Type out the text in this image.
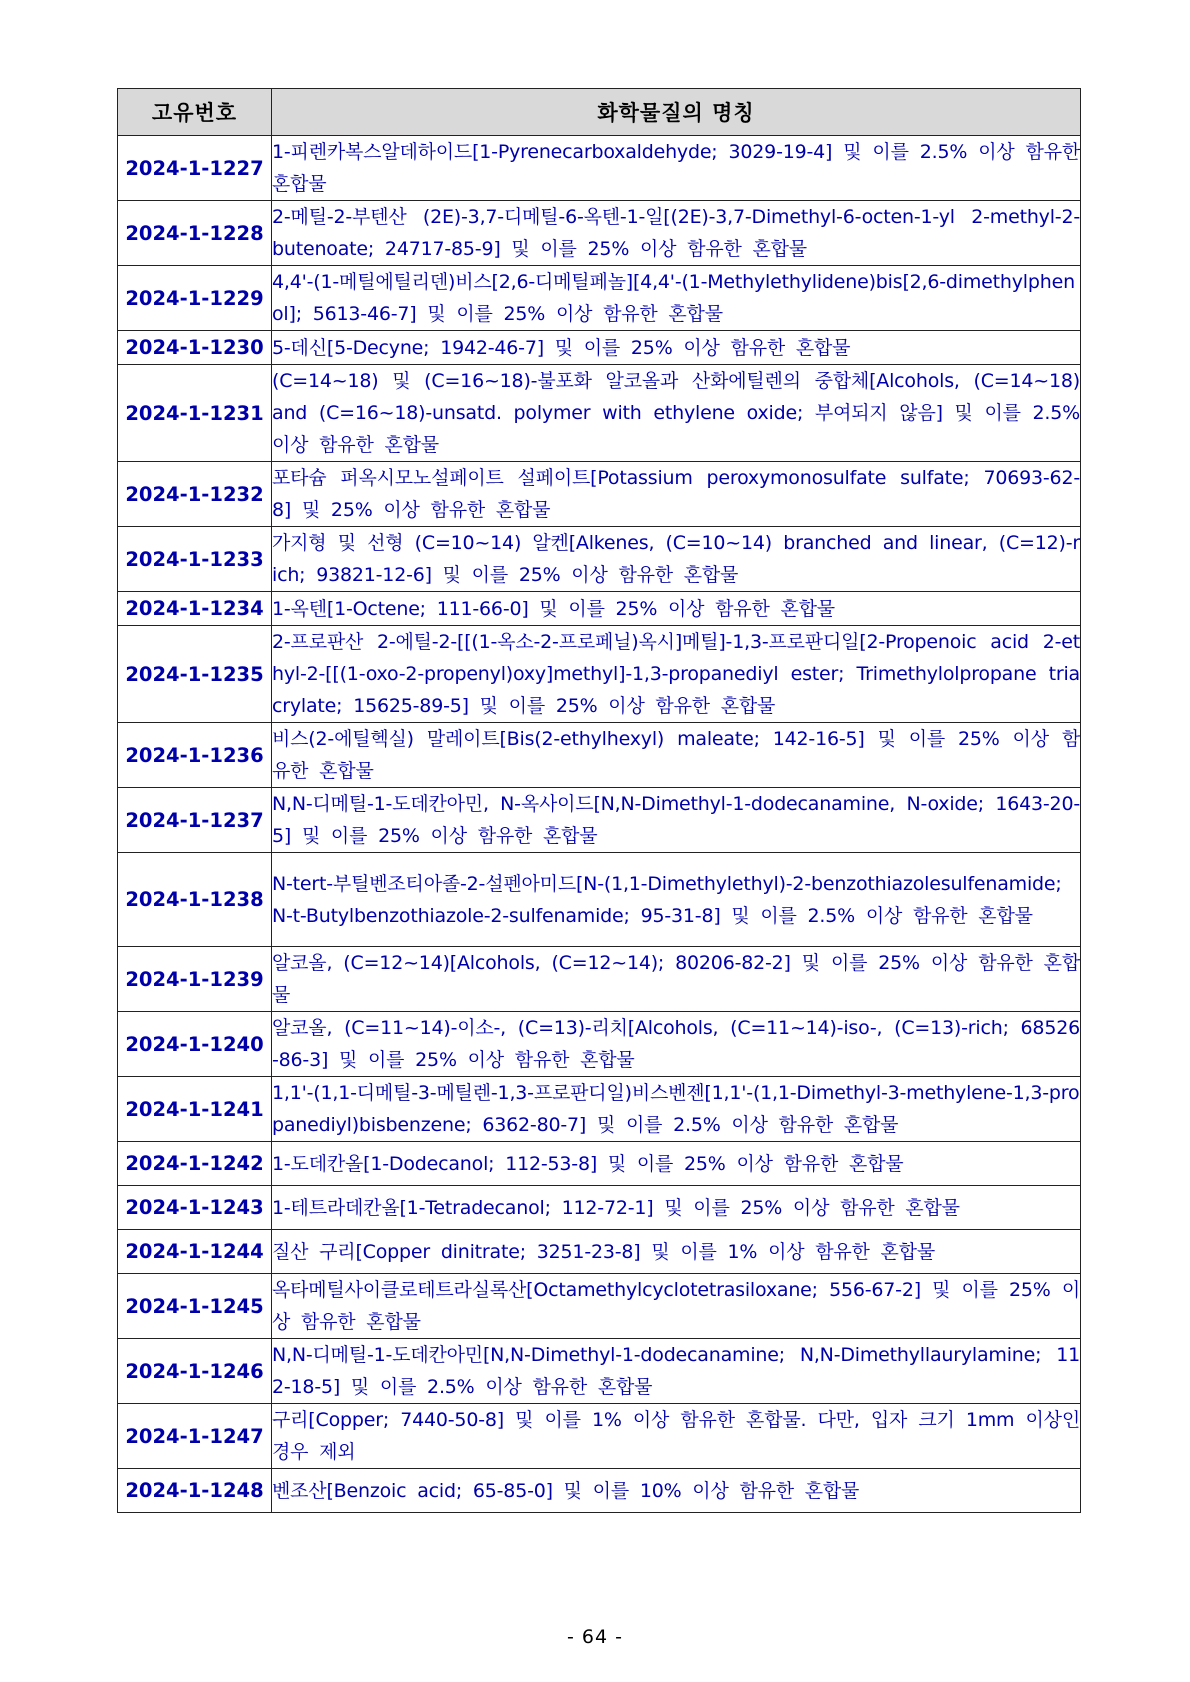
고유번호	화학물질의 명칭
2024-1-1227	1-피렌카복스알데하이드[1-Pyrenecarboxaldehyde; 3029-19-4] 및 이를 2.5% 이상 함유한 혼합물
2024-1-1228	2-메틸-2-부텐산 (2E)-3,7-디메틸-6-옥텐-1-일[(2E)-3,7-Dimethyl-6-octen-1-yl 2-methyl-2-butenoate; 24717-85-9] 및 이를 25% 이상 함유한 혼합물
2024-1-1229	4,4'-(1-메틸에틸리덴)비스[2,6-디메틸페놀][4,4'-(1-Methylethylidene)bis[2,6-dimethylphenol]; 5613-46-7] 및 이를 25% 이상 함유한 혼합물
2024-1-1230	5-데신[5-Decyne; 1942-46-7] 및 이를 25% 이상 함유한 혼합물
2024-1-1231	(C=14~18) 및 (C=16~18)-불포화 알코올과 산화에틸렌의 중합체[Alcohols, (C=14~18) and (C=16~18)-unsatd. polymer with ethylene oxide; 부여되지 않음] 및 이를 2.5% 이상 함유한 혼합물
2024-1-1232	포타슘 퍼옥시모노설페이트 설페이트[Potassium peroxymonosulfate sulfate; 70693-62-8] 및 25% 이상 함유한 혼합물
2024-1-1233	가지형 및 선형 (C=10~14) 알켄[Alkenes, (C=10~14) branched and linear, (C=12)-rich; 93821-12-6] 및 이를 25% 이상 함유한 혼합물
2024-1-1234	1-옥텐[1-Octene; 111-66-0] 및 이를 25% 이상 함유한 혼합물
2024-1-1235	2-프로판산 2-에틸-2-[[(1-옥소-2-프로페닐)옥시]메틸]-1,3-프로판디일[2-Propenoic acid 2-ethyl-2-[[(1-oxo-2-propenyl)oxy]methyl]-1,3-propanediyl ester; Trimethylolpropane triacrylate; 15625-89-5] 및 이를 25% 이상 함유한 혼합물
2024-1-1236	비스(2-에틸헥실) 말레이트[Bis(2-ethylhexyl) maleate; 142-16-5] 및 이를 25% 이상 함유한 혼합물
2024-1-1237	N,N-디메틸-1-도데칸아민, N-옥사이드[N,N-Dimethyl-1-dodecanamine, N-oxide; 1643-20-5] 및 이를 25% 이상 함유한 혼합물
2024-1-1238	N-tert-부틸벤조티아졸-2-설펜아미드[N-(1,1-Dimethylethyl)-2-benzothiazolesulfenamide; N-t-Butylbenzothiazole-2-sulfenamide; 95-31-8] 및 이를 2.5% 이상 함유한 혼합물
2024-1-1239	알코올, (C=12~14)[Alcohols, (C=12~14); 80206-82-2] 및 이를 25% 이상 함유한 혼합물
2024-1-1240	알코올, (C=11~14)-이소-, (C=13)-리치[Alcohols, (C=11~14)-iso-, (C=13)-rich; 68526-86-3] 및 이를 25% 이상 함유한 혼합물
2024-1-1241	1,1'-(1,1-디메틸-3-메틸렌-1,3-프로판디일)비스벤젠[1,1'-(1,1-Dimethyl-3-methylene-1,3-propanediyl)bisbenzene; 6362-80-7] 및 이를 2.5% 이상 함유한 혼합물
2024-1-1242	1-도데칸올[1-Dodecanol; 112-53-8] 및 이를 25% 이상 함유한 혼합물
2024-1-1243	1-테트라데칸올[1-Tetradecanol; 112-72-1] 및 이를 25% 이상 함유한 혼합물
2024-1-1244	질산 구리[Copper dinitrate; 3251-23-8] 및 이를 1% 이상 함유한 혼합물
2024-1-1245	옥타메틸사이클로테트라실록산[Octamethylcyclotetrasiloxane; 556-67-2] 및 이를 25% 이상 함유한 혼합물
2024-1-1246	N,N-디메틸-1-도데칸아민[N,N-Dimethyl-1-dodecanamine; N,N-Dimethyllaurylamine; 112-18-5] 및 이를 2.5% 이상 함유한 혼합물
2024-1-1247	구리[Copper; 7440-50-8] 및 이를 1% 이상 함유한 혼합물. 다만, 입자 크기 1mm 이상인 경우 제외
2024-1-1248	벤조산[Benzoic acid; 65-85-0] 및 이를 10% 이상 함유한 혼합물
- 64 -
